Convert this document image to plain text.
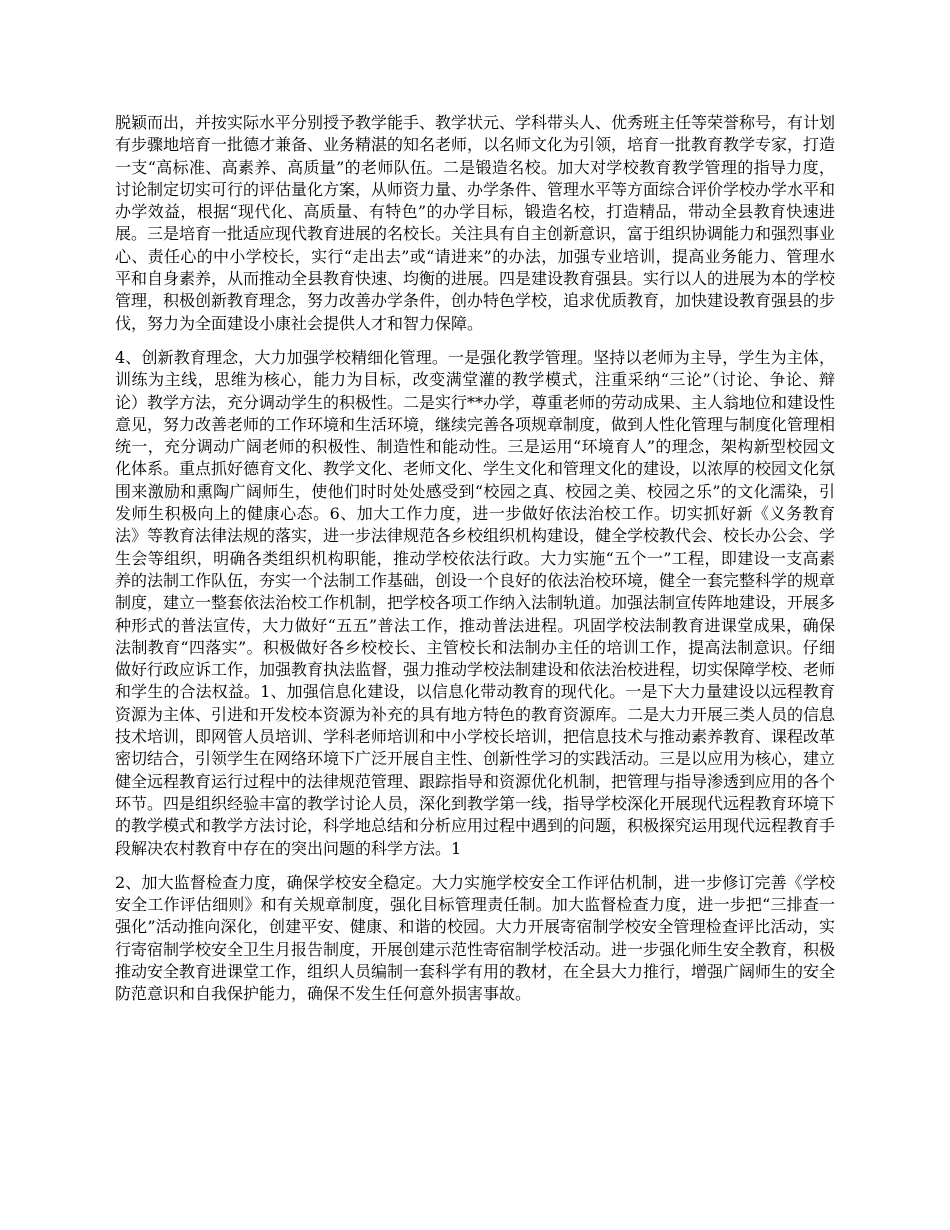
脱颖而出，并按实际水平分别授予教学能手、教学状元、学科带头人、优秀班主任等荣誉称号，有计划有步骤地培育一批德才兼备、业务精湛的知名老师，以名师文化为引领，培育一批教育教学专家，打造一支“高标准、高素养、高质量”的老师队伍。二是锻造名校。加大对学校教育教学管理的指导力度，讨论制定切实可行的评估量化方案，从师资力量、办学条件、管理水平等方面综合评价学校办学水平和办学效益，根据“现代化、高质量、有特色”的办学目标，锻造名校，打造精品，带动全县教育快速进展。三是培育一批适应现代教育进展的名校长。关注具有自主创新意识，富于组织协调能力和强烈事业心、责任心的中小学校长，实行“走出去”或“请进来”的办法，加强专业培训，提高业务能力、管理水平和自身素养，从而推动全县教育快速、均衡的进展。四是建设教育强县。实行以人的进展为本的学校管理，积极创新教育理念，努力改善办学条件，创办特色学校，追求优质教育，加快建设教育强县的步伐，努力为全面建设小康社会提供人才和智力保障。

4、创新教育理念，大力加强学校精细化管理。一是强化教学管理。坚持以老师为主导，学生为主体，训练为主线，思维为核心，能力为目标，改变满堂灌的教学模式，注重采纳“三论”（讨论、争论、辩论）教学方法，充分调动学生的积极性。二是实行**办学，尊重老师的劳动成果、主人翁地位和建设性意见，努力改善老师的工作环境和生活环境，继续完善各项规章制度，做到人性化管理与制度化管理相统一，充分调动广阔老师的积极性、制造性和能动性。三是运用“环境育人”的理念，架构新型校园文化体系。重点抓好德育文化、教学文化、老师文化、学生文化和管理文化的建设，以浓厚的校园文化氛围来激励和熏陶广阔师生，使他们时时处处感受到“校园之真、校园之美、校园之乐”的文化濡染，引发师生积极向上的健康心态。6、加大工作力度，进一步做好依法治校工作。切实抓好新《义务教育法》等教育法律法规的落实，进一步法律规范各乡校组织机构建设，健全学校教代会、校长办公会、学生会等组织，明确各类组织机构职能，推动学校依法行政。大力实施“五个一”工程，即建设一支高素养的法制工作队伍，夯实一个法制工作基础，创设一个良好的依法治校环境，健全一套完整科学的规章制度，建立一整套依法治校工作机制，把学校各项工作纳入法制轨道。加强法制宣传阵地建设，开展多种形式的普法宣传，大力做好“五五”普法工作，推动普法进程。巩固学校法制教育进课堂成果，确保法制教育“四落实”。积极做好各乡校校长、主管校长和法制办主任的培训工作，提高法制意识。仔细做好行政应诉工作，加强教育执法监督，强力推动学校法制建设和依法治校进程，切实保障学校、老师和学生的合法权益。1、加强信息化建设，以信息化带动教育的现代化。一是下大力量建设以远程教育资源为主体、引进和开发校本资源为补充的具有地方特色的教育资源库。二是大力开展三类人员的信息技术培训，即网管人员培训、学科老师培训和中小学校长培训，把信息技术与推动素养教育、课程改革密切结合，引领学生在网络环境下广泛开展自主性、创新性学习的实践活动。三是以应用为核心，建立健全远程教育运行过程中的法律规范管理、跟踪指导和资源优化机制，把管理与指导渗透到应用的各个环节。四是组织经验丰富的教学讨论人员，深化到教学第一线，指导学校深化开展现代远程教育环境下的教学模式和教学方法讨论，科学地总结和分析应用过程中遇到的问题，积极探究运用现代远程教育手段解决农村教育中存在的突出问题的科学方法。1

2、加大监督检查力度，确保学校安全稳定。大力实施学校安全工作评估机制，进一步修订完善《学校安全工作评估细则》和有关规章制度，强化目标管理责任制。加大监督检查力度，进一步把“三排查一强化”活动推向深化，创建平安、健康、和谐的校园。大力开展寄宿制学校安全管理检查评比活动，实行寄宿制学校安全卫生月报告制度，开展创建示范性寄宿制学校活动。进一步强化师生安全教育，积极推动安全教育进课堂工作，组织人员编制一套科学有用的教材，在全县大力推行，增强广阔师生的安全防范意识和自我保护能力，确保不发生任何意外损害事故。
